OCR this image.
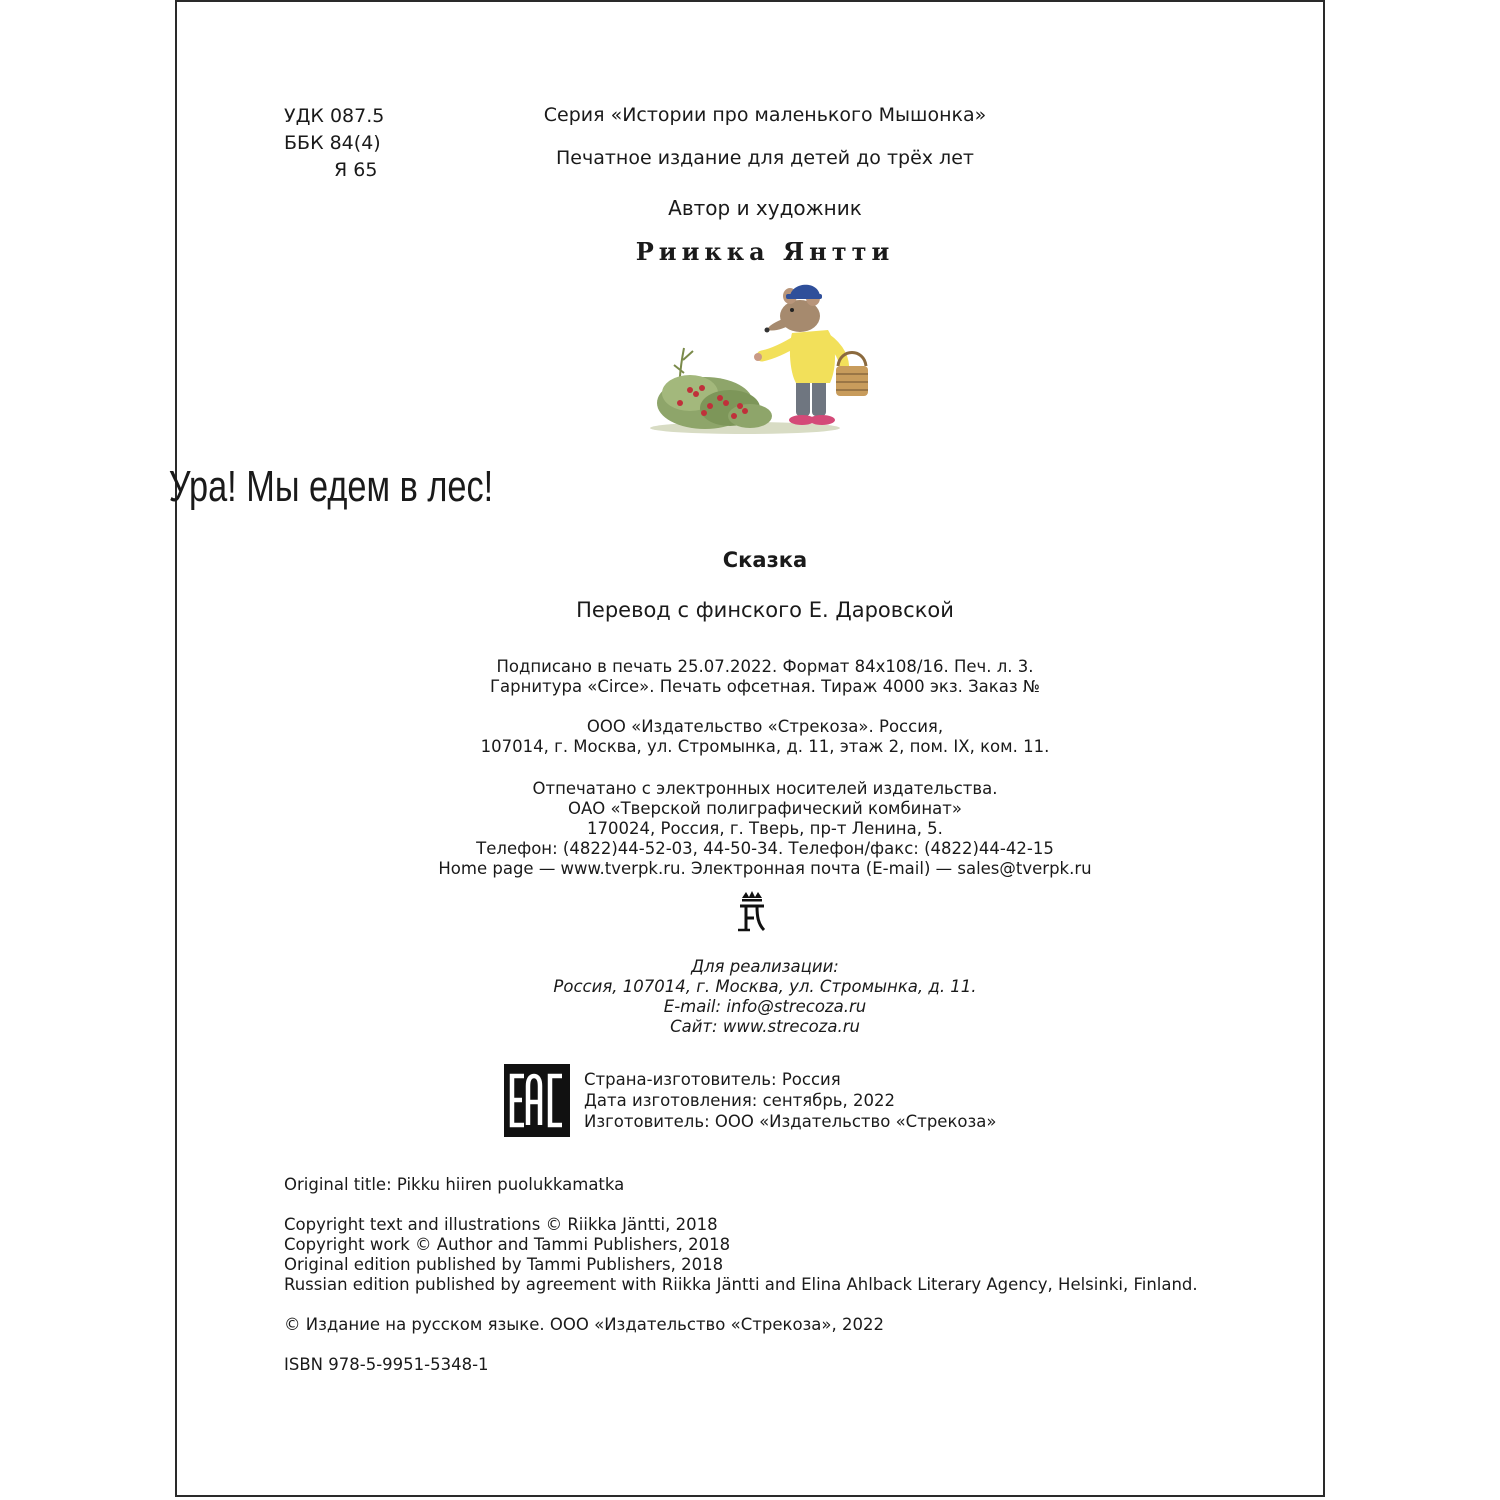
УДК 087.5
ББК 84(4)
Я 65
Серия «Истории про маленького Мышонка»
Печатное издание для детей до трёх лет
Автор и художник
Риикка Янтти
Ура! Мы едем в лес!
Сказка
Перевод с финского Е. Даровской
Подписано в печать 25.07.2022. Формат 84х108/16. Печ. л. 3.
Гарнитура «Circe». Печать офсетная. Тираж 4000 экз. Заказ №
ООО «Издательство «Стрекоза». Россия,
107014, г. Москва, ул. Стромынка, д. 11, этаж 2, пом. IX, ком. 11.
Отпечатано с электронных носителей издательства.
ОАО «Тверской полиграфический комбинат»
170024, Россия, г. Тверь, пр-т Ленина, 5.
Телефон: (4822)44-52-03, 44-50-34. Телефон/факс: (4822)44-42-15
Home page — www.tverpk.ru. Электронная почта (E-mail) — sales@tverpk.ru
Для реализации:
Россия, 107014, г. Москва, ул. Стромынка, д. 11.
E-mail: info@strecoza.ru
Сайт: www.strecoza.ru
Страна-изготовитель: Россия
Дата изготовления: сентябрь, 2022
Изготовитель: ООО «Издательство «Стрекоза»
Original title: Pikku hiiren puolukkamatka
Copyright text and illustrations © Riikka Jäntti, 2018
Copyright work © Author and Tammi Publishers, 2018
Original edition published by Tammi Publishers, 2018
Russian edition published by agreement with Riikka Jäntti and Elina Ahlback Literary Agency, Helsinki, Finland.
© Издание на русском языке. ООО «Издательство «Стрекоза», 2022
ISBN 978-5-9951-5348-1
